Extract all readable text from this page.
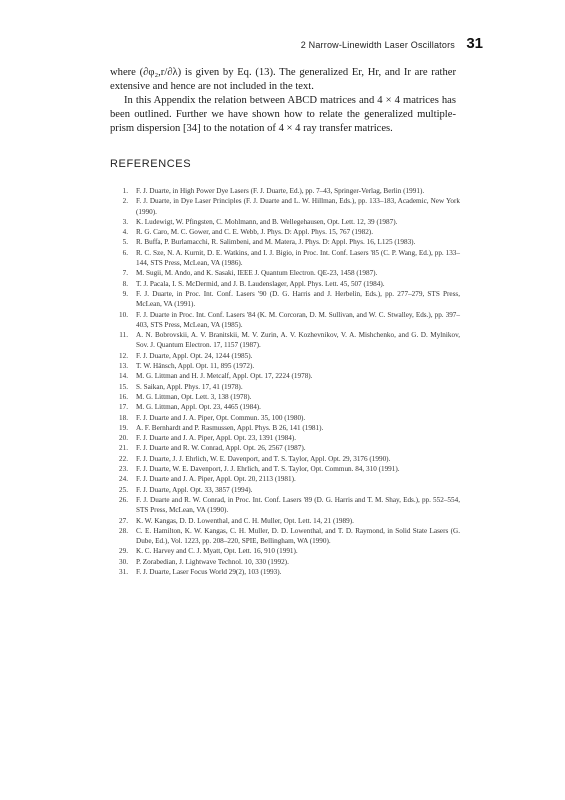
2 Narrow-Linewidth Laser Oscillators 31

where (∂φ₂,r/∂λ) is given by Eq. (13). The generalized Er, Hr, and Ir are rather
extensive and hence are not included in the text.

In this Appendix the relation between ABCD matrices and 4 × 4 matrices has
been outlined. Further we have shown how to relate the generalized multiple-
prism dispersion [34] to the notation of 4 × 4 ray transfer matrices.

REFERENCES
1. F. J. Duarte, in High Power Dye Lasers (F. J. Duarte, Ed.), pp. 7–43, Springer-Verlag, Berlin (1991).
2. F. J. Duarte, in Dye Laser Principles (F. J. Duarte and L. W. Hillman, Eds.), pp. 133–183, Academic, New York (1990).
3. K. Ludewigt, W. Pfingsten, C. Mohlmann, and B. Wellegehausen, Opt. Lett. 12, 39 (1987).
4. R. G. Caro, M. C. Gower, and C. E. Webb, J. Phys. D: Appl. Phys. 15, 767 (1982).
5. R. Buffa, P. Burlamacchi, R. Salimbeni, and M. Matera, J. Phys. D: Appl. Phys. 16, L125 (1983).
6. R. C. Sze, N. A. Kurnit, D. E. Watkins, and I. J. Bigio, in Proc. Int. Conf. Lasers '85 (C. P. Wang, Ed.), pp. 133–144, STS Press, McLean, VA (1986).
7. M. Sugii, M. Ando, and K. Sasaki, IEEE J. Quantum Electron. QE-23, 1458 (1987).
8. T. J. Pacala, I. S. McDermid, and J. B. Laudenslager, Appl. Phys. Lett. 45, 507 (1984).
9. F. J. Duarte, in Proc. Int. Conf. Lasers '90 (D. G. Harris and J. Herbelin, Eds.), pp. 277–279, STS Press, McLean, VA (1991).
10. F. J. Duarte in Proc. Int. Conf. Lasers '84 (K. M. Corcoran, D. M. Sullivan, and W. C. Stwalley, Eds.), pp. 397–403, STS Press, McLean, VA (1985).
11. A. N. Bobrovskii, A. V. Branitskii, M. V. Zurin, A. V. Kozhevnikov, V. A. Mishchenko, and G. D. Mylnikov, Sov. J. Quantum Electron. 17, 1157 (1987).
12. F. J. Duarte, Appl. Opt. 24, 1244 (1985).
13. T. W. Hänsch, Appl. Opt. 11, 895 (1972).
14. M. G. Littman and H. J. Metcalf, Appl. Opt. 17, 2224 (1978).
15. S. Saikan, Appl. Phys. 17, 41 (1978).
16. M. G. Littman, Opt. Lett. 3, 138 (1978).
17. M. G. Littman, Appl. Opt. 23, 4465 (1984).
18. F. J. Duarte and J. A. Piper, Opt. Commun. 35, 100 (1980).
19. A. F. Bernhardt and P. Rasmussen, Appl. Phys. B 26, 141 (1981).
20. F. J. Duarte and J. A. Piper, Appl. Opt. 23, 1391 (1984).
21. F. J. Duarte and R. W. Conrad, Appl. Opt. 26, 2567 (1987).
22. F. J. Duarte, J. J. Ehrlich, W. E. Davenport, and T. S. Taylor, Appl. Opt. 29, 3176 (1990).
23. F. J. Duarte, W. E. Davenport, J. J. Ehrlich, and T. S. Taylor, Opt. Commun. 84, 310 (1991).
24. F. J. Duarte and J. A. Piper, Appl. Opt. 20, 2113 (1981).
25. F. J. Duarte, Appl. Opt. 33, 3857 (1994).
26. F. J. Duarte and R. W. Conrad, in Proc. Int. Conf. Lasers '89 (D. G. Harris and T. M. Shay, Eds.), pp. 552–554, STS Press, McLean, VA (1990).
27. K. W. Kangas, D. D. Lowenthal, and C. H. Muller, Opt. Lett. 14, 21 (1989).
28. C. E. Hamilton, K. W. Kangas, C. H. Muller, D. D. Lowenthal, and T. D. Raymond, in Solid State Lasers (G. Dube, Ed.), Vol. 1223, pp. 208–220, SPIE, Bellingham, WA (1990).
29. K. C. Harvey and C. J. Myatt, Opt. Lett. 16, 910 (1991).
30. P. Zorabedian, J. Lightwave Technol. 10, 330 (1992).
31. F. J. Duarte, Laser Focus World 29(2), 103 (1993).
